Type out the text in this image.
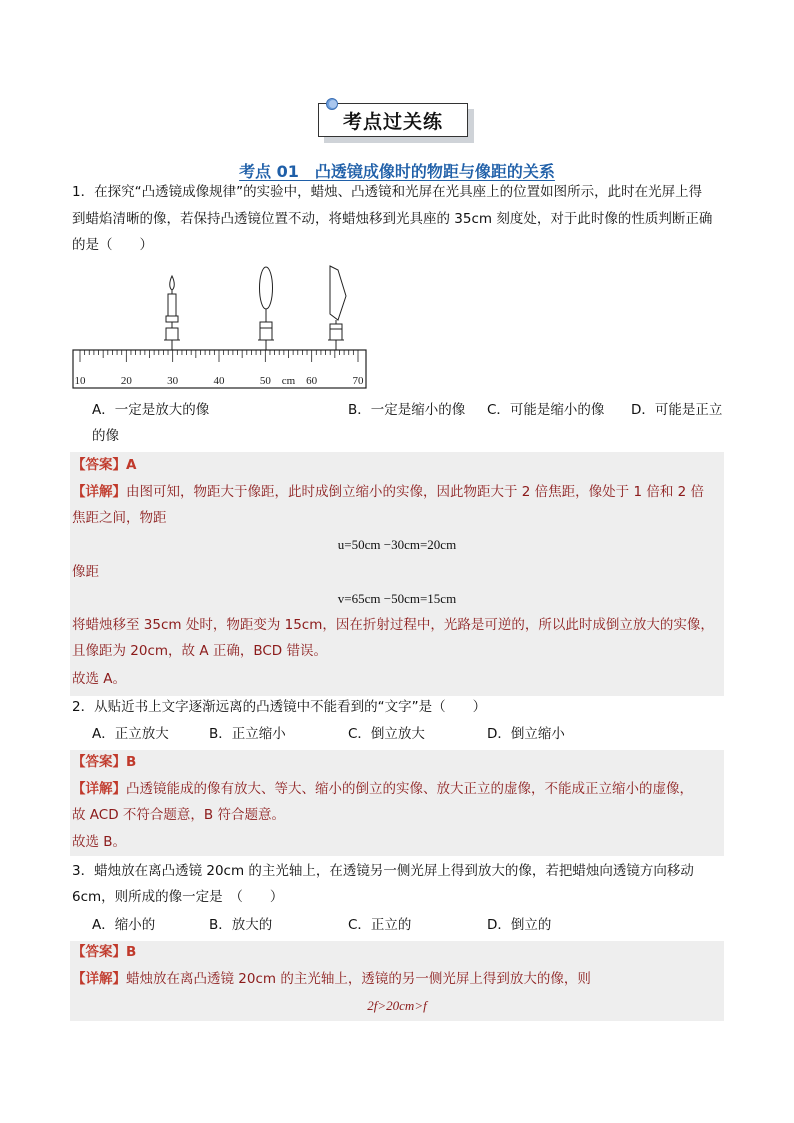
考点过关练
考点 01　凸透镜成像时的物距与像距的关系
1．在探究“凸透镜成像规律”的实验中，蜡烛、凸透镜和光屏在光具座上的位置如图所示，此时在光屏上得
到蜡焰清晰的像，若保持凸透镜位置不动，将蜡烛移到光具座的 35cm 刻度处，对于此时像的性质判断正确
的是（　　）
10	20	30	40	50 cm 60	70
A．一定是放大的像	B．一定是缩小的像 C．可能是缩小的像 D．可能是正立
的像
【答案】A
【详解】由图可知，物距大于像距，此时成倒立缩小的实像，因此物距大于 2 倍焦距，像处于 1 倍和 2 倍
焦距之间，物距
u=50cm −30cm=20cm
像距
v=65cm −50cm=15cm
将蜡烛移至 35cm 处时，物距变为 15cm，因在折射过程中，光路是可逆的，所以此时成倒立放大的实像，
且像距为 20cm，故 A 正确，BCD 错误。
故选 A。
2．从贴近书上文字逐渐远离的凸透镜中不能看到的“文字”是（　　）
A．正立放大	B．正立缩小	C．倒立放大	D．倒立缩小
【答案】B
【详解】凸透镜能成的像有放大、等大、缩小的倒立的实像、放大正立的虚像，不能成正立缩小的虚像，
故 ACD 不符合题意，B 符合题意。
故选 B。
3．蜡烛放在离凸透镜 20cm 的主光轴上，在透镜另一侧光屏上得到放大的像，若把蜡烛向透镜方向移动
6cm，则所成的像一定是　（　　）
A．缩小的	B．放大的	C．正立的	D．倒立的
【答案】B
【详解】蜡烛放在离凸透镜 20cm 的主光轴上，透镜的另一侧光屏上得到放大的像，则
2f>20cm>f
